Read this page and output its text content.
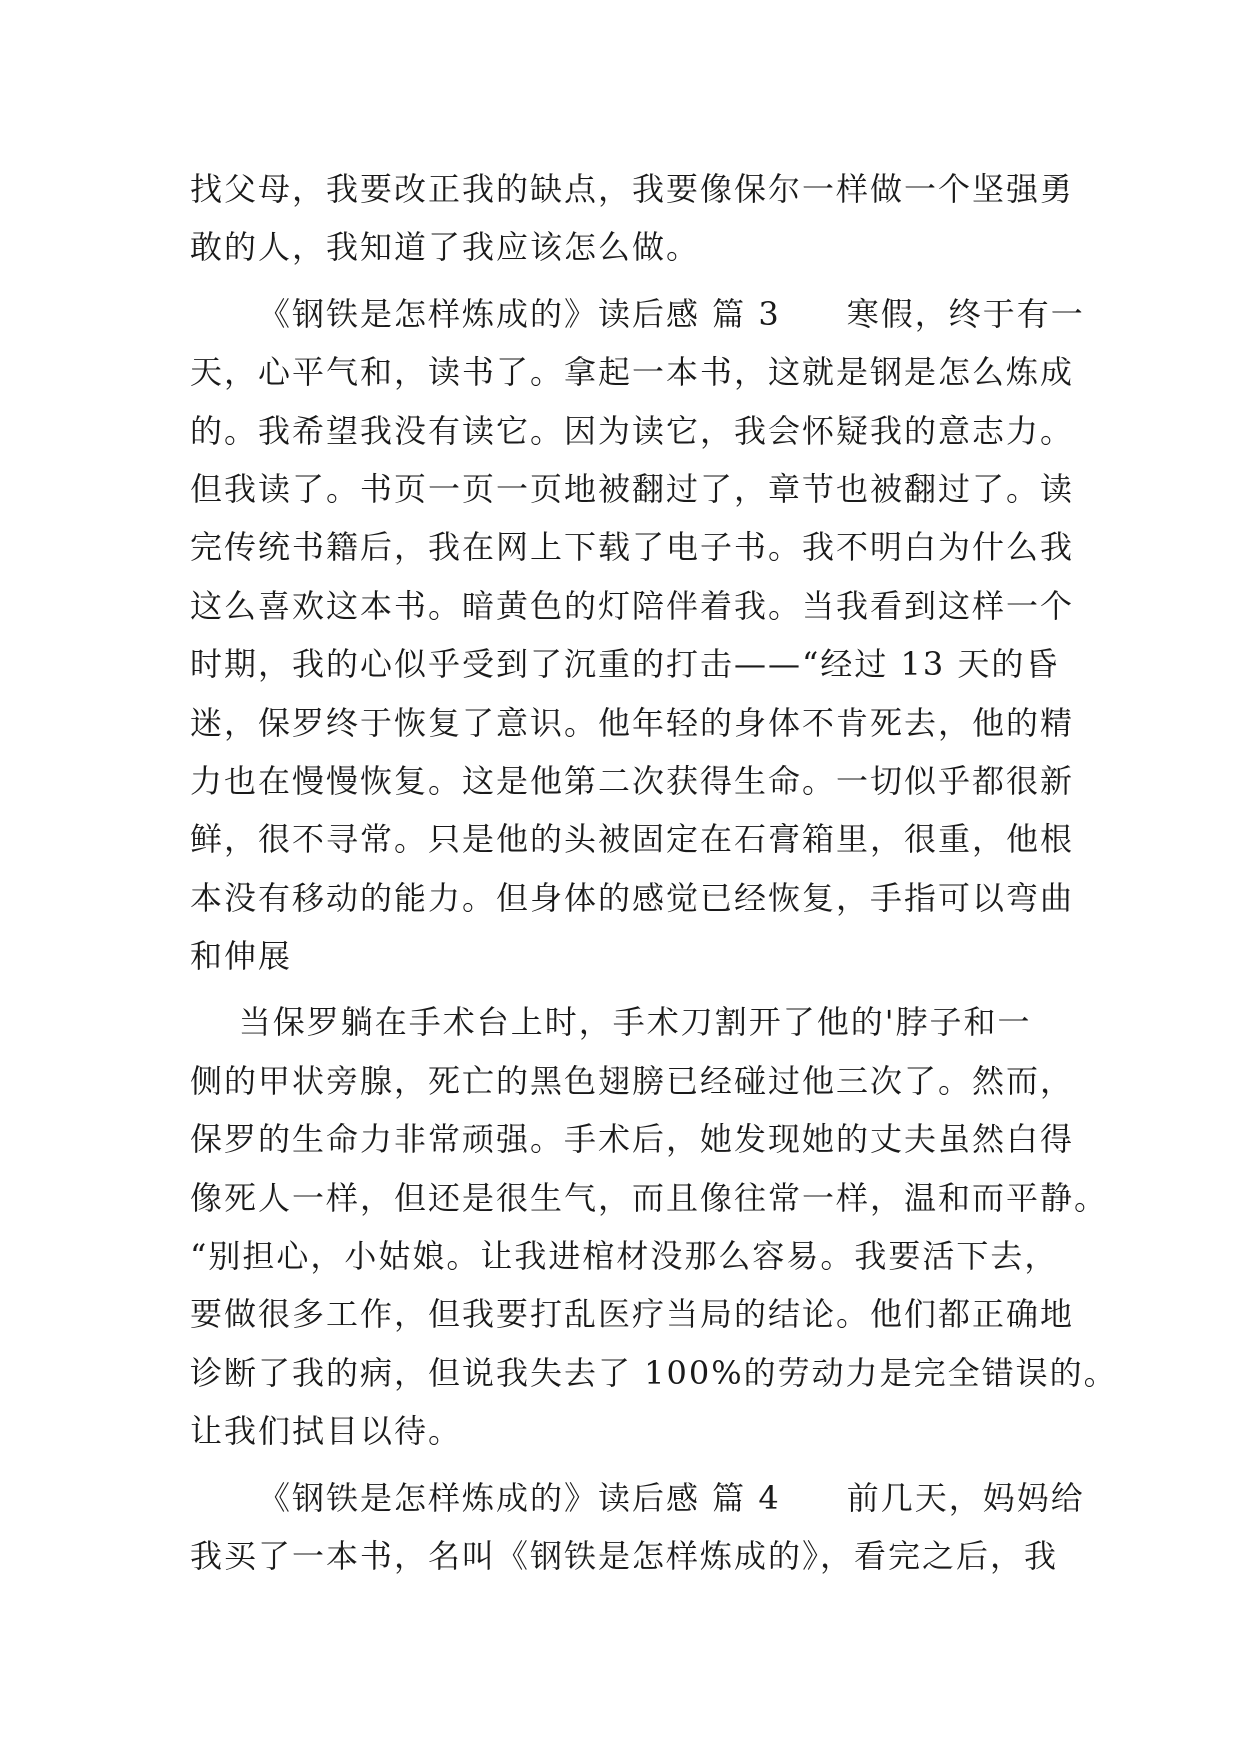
找父母，我要改正我的缺点，我要像保尔一样做一个坚强勇
敢的人，我知道了我应该怎么做。
《钢铁是怎样炼成的》读后感 篇 3 寒假，终于有一
天，心平气和，读书了。拿起一本书，这就是钢是怎么炼成
的。我希望我没有读它。因为读它，我会怀疑我的意志力。
但我读了。书页一页一页地被翻过了，章节也被翻过了。读
完传统书籍后，我在网上下载了电子书。我不明白为什么我
这么喜欢这本书。暗黄色的灯陪伴着我。当我看到这样一个
时期，我的心似乎受到了沉重的打击——“经过 13 天的昏
迷，保罗终于恢复了意识。他年轻的身体不肯死去，他的精
力也在慢慢恢复。这是他第二次获得生命。一切似乎都很新
鲜，很不寻常。只是他的头被固定在石膏箱里，很重，他根
本没有移动的能力。但身体的感觉已经恢复，手指可以弯曲
和伸展
当保罗躺在手术台上时，手术刀割开了他的'脖子和一
侧的甲状旁腺，死亡的黑色翅膀已经碰过他三次了。然而，
保罗的生命力非常顽强。手术后，她发现她的丈夫虽然白得
像死人一样，但还是很生气，而且像往常一样，温和而平静。
“别担心，小姑娘。让我进棺材没那么容易。我要活下去，
要做很多工作，但我要打乱医疗当局的结论。他们都正确地
诊断了我的病，但说我失去了 100%的劳动力是完全错误的。
让我们拭目以待。
《钢铁是怎样炼成的》读后感 篇 4 前几天，妈妈给
我买了一本书，名叫《钢铁是怎样炼成的》，看完之后，我
